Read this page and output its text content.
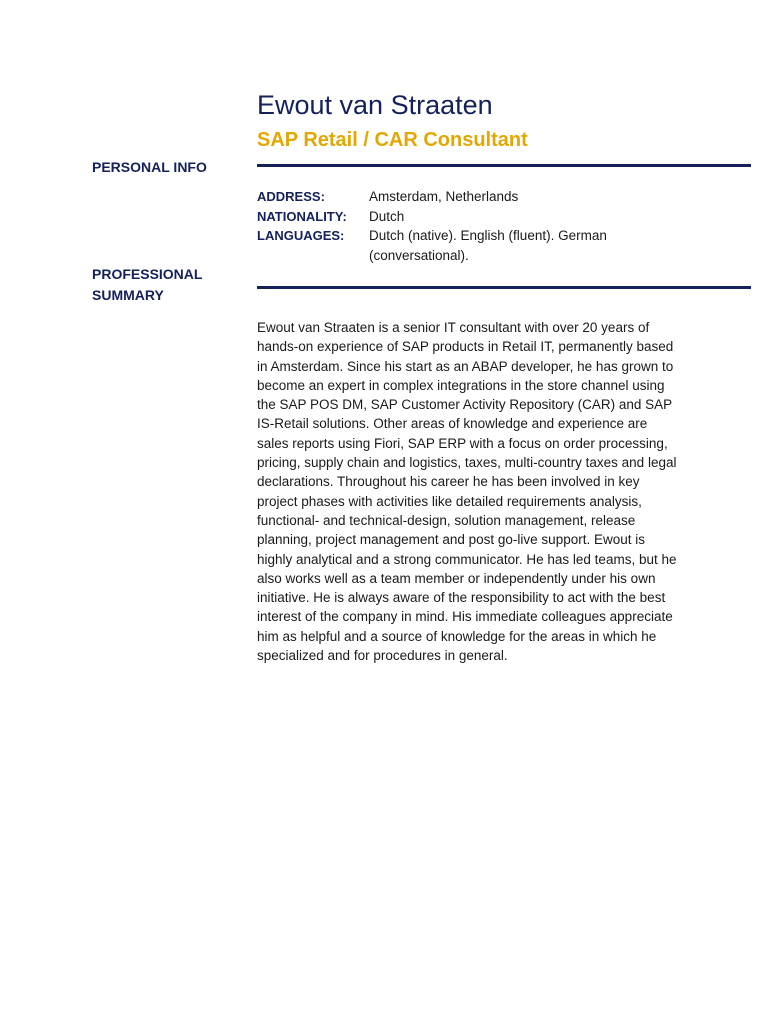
Ewout van Straaten
SAP Retail / CAR Consultant
PERSONAL INFO
ADDRESS:	Amsterdam, Netherlands
NATIONALITY:	Dutch
LANGUAGES:	Dutch (native). English (fluent). German (conversational).
PROFESSIONAL SUMMARY

Ewout van Straaten is a senior IT consultant with over 20 years of hands-on experience of SAP products in Retail IT, permanently based in Amsterdam. Since his start as an ABAP developer, he has grown to become an expert in complex integrations in the store channel using the SAP POS DM, SAP Customer Activity Repository (CAR) and SAP IS-Retail solutions. Other areas of knowledge and experience are sales reports using Fiori, SAP ERP with a focus on order processing, pricing, supply chain and logistics, taxes, multi-country taxes and legal declarations. Throughout his career he has been involved in key project phases with activities like detailed requirements analysis, functional- and technical-design, solution management, release planning, project management and post go-live support. Ewout is highly analytical and a strong communicator. He has led teams, but he also works well as a team member or independently under his own initiative. He is always aware of the responsibility to act with the best interest of the company in mind. His immediate colleagues appreciate him as helpful and a source of knowledge for the areas in which he specialized and for procedures in general.
